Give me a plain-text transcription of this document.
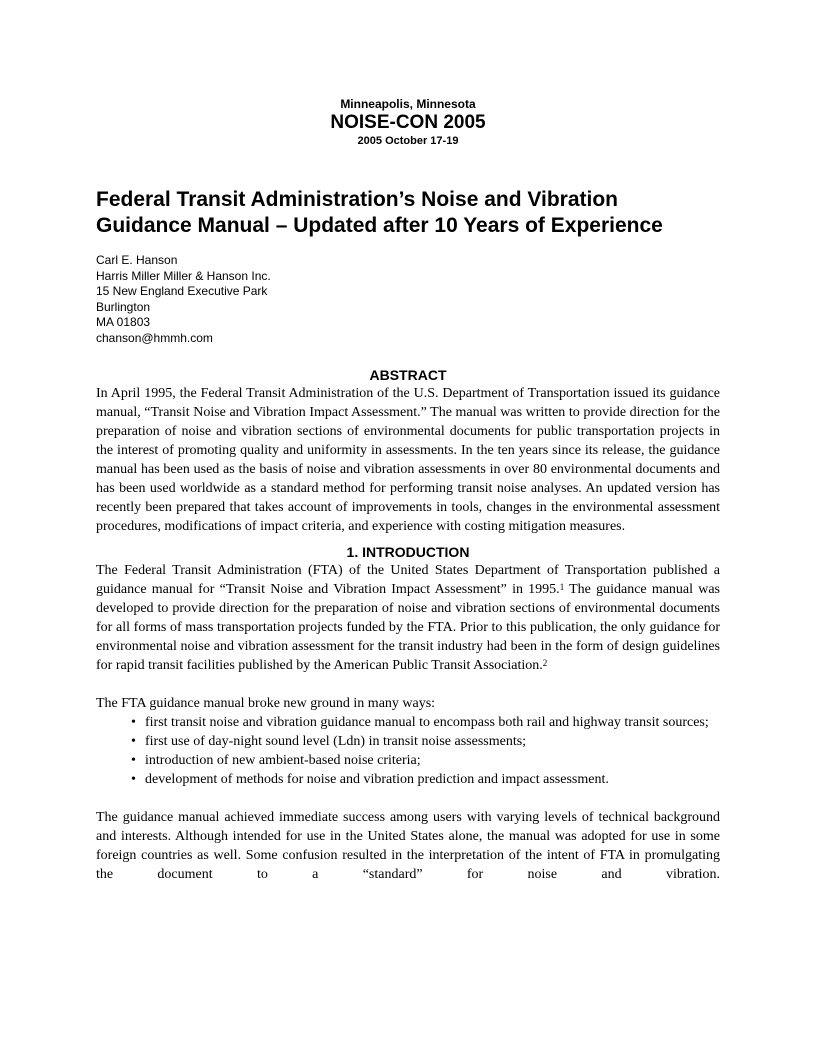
Minneapolis, Minnesota
NOISE-CON 2005
2005 October 17-19
Federal Transit Administration’s Noise and Vibration
Guidance Manual – Updated after 10 Years of Experience
Carl E. Hanson
Harris Miller Miller & Hanson Inc.
15 New England Executive Park
Burlington
MA 01803
chanson@hmmh.com
ABSTRACT

In April 1995, the Federal Transit Administration of the U.S. Department of Transportation issued its guidance manual, “Transit Noise and Vibration Impact Assessment.” The manual was written to provide direction for the preparation of noise and vibration sections of environmental documents for public transportation projects in the interest of promoting quality and uniformity in assessments. In the ten years since its release, the guidance manual has been used as the basis of noise and vibration assessments in over 80 environmental documents and has been used worldwide as a standard method for performing transit noise analyses. An updated version has recently been prepared that takes account of improvements in tools, changes in the environmental assessment procedures, modifications of impact criteria, and experience with costing mitigation measures.

1. INTRODUCTION

The Federal Transit Administration (FTA) of the United States Department of Transportation published a guidance manual for “Transit Noise and Vibration Impact Assessment” in 1995.$^1$ The guidance manual was developed to provide direction for the preparation of noise and vibration sections of environmental documents for all forms of mass transportation projects funded by the FTA. Prior to this publication, the only guidance for environmental noise and vibration assessment for the transit industry had been in the form of design guidelines for rapid transit facilities published by the American Public Transit Association.$^2$

The FTA guidance manual broke new ground in many ways:

• first transit noise and vibration guidance manual to encompass both rail and highway transit sources;
• first use of day-night sound level (Ldn) in transit noise assessments;
• introduction of new ambient-based noise criteria;
• development of methods for noise and vibration prediction and impact assessment.

The guidance manual achieved immediate success among users with varying levels of technical background and interests. Although intended for use in the United States alone, the manual was adopted for use in some foreign countries as well. Some confusion resulted in the interpretation of the intent of FTA in promulgating the document to a “standard” for noise and vibration.
